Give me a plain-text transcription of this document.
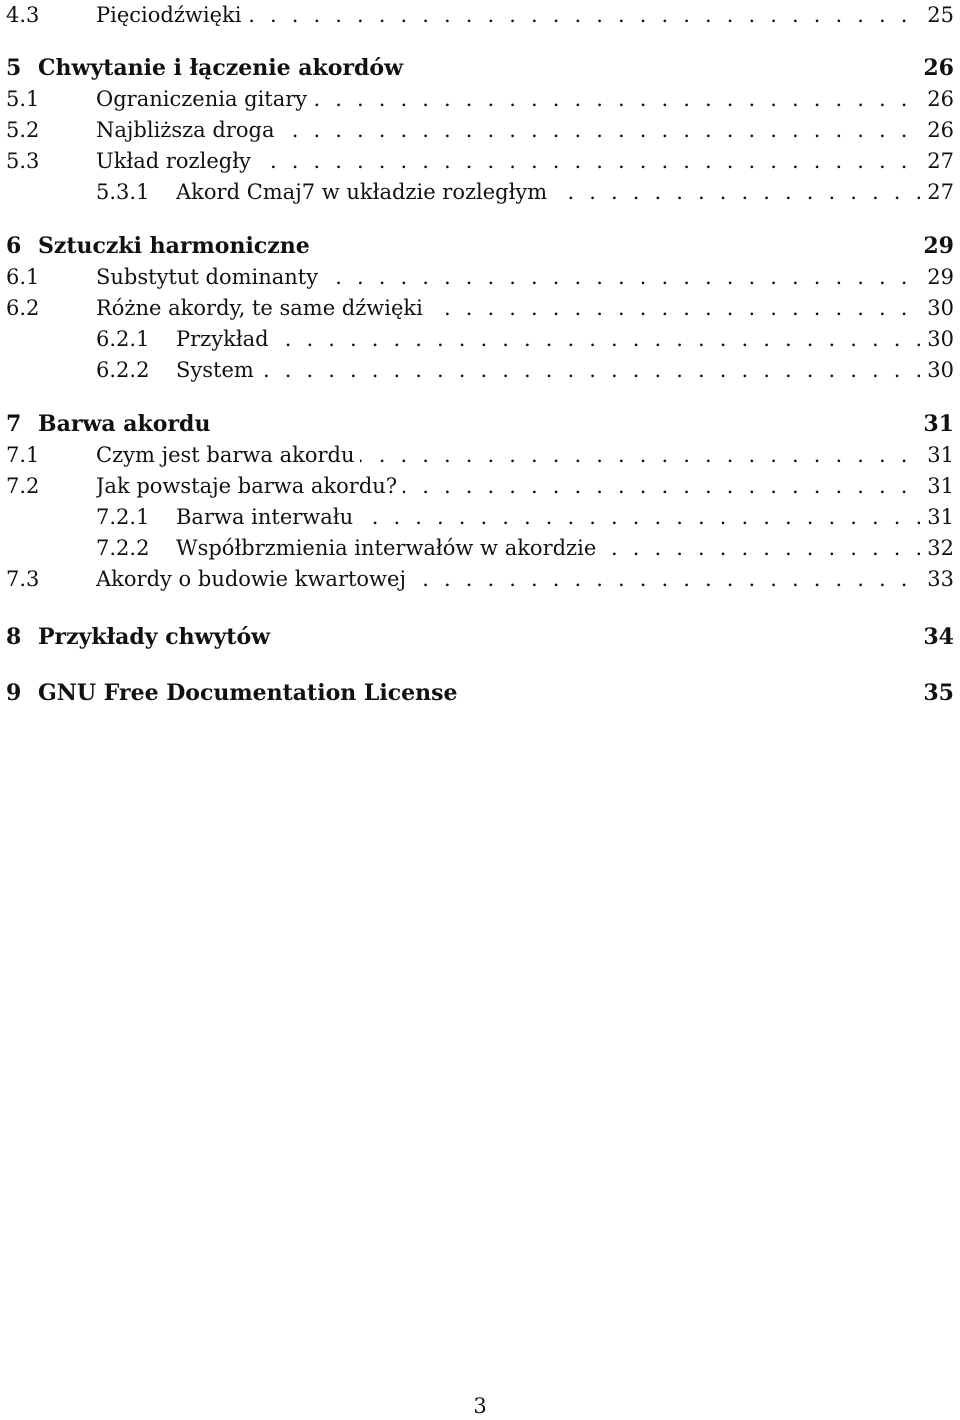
4.3	Pięciodźwięki . . .	25
5 Chwytanie i łączenie akordów	26
5.1	Ograniczenia gitary . . .	26
5.2	Najbliższa droga . . .	26
5.3	Układ rozległy . . .	27
5.3.1 Akord Cmaj7 w układzie rozległym . . .	27
6 Sztuczki harmoniczne	29
6.1	Substytut dominanty . . .	29
6.2	Różne akordy, te same dźwięki . . .	30
6.2.1 Przykład . . .	30
6.2.2 System . . .	30
7 Barwa akordu	31
7.1	Czym jest barwa akordu . . .	31
7.2	Jak powstaje barwa akordu? . . .	31
7.2.1 Barwa interwału . . .	31
7.2.2 Współbrzmienia interwałów w akordzie . . .	32
7.3	Akordy o budowie kwartowej . . .	33
8 Przykłady chwytów	34
9 GNU Free Documentation License	35
3
